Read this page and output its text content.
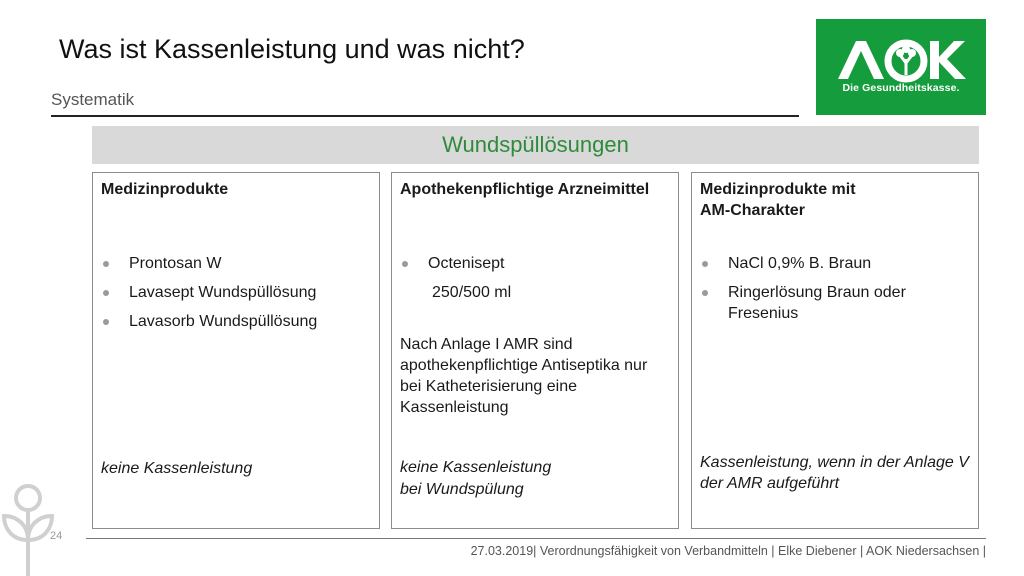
Was ist Kassenleistung und was nicht?
Systematik
Die Gesundheitskasse.
Wundspüllösungen
Medizinprodukte
Prontosan W
Lavasept Wundspüllösung
Lavasorb Wundspüllösung
keine Kassenleistung
Apothekenpflichtige Arzneimittel
Octenisept
250/500 ml
Nach Anlage I AMR sind apothekenpflichtige Antiseptika nur bei Katheterisierung eine Kassenleistung
keine Kassenleistung
bei Wundspülung
Medizinprodukte mit
AM-Charakter
NaCl 0,9% B. Braun
Ringerlösung Braun oder Fresenius
Kassenleistung, wenn in der Anlage V der AMR aufgeführt
24
27.03.2019| Verordnungsfähigkeit von Verbandmitteln | Elke Diebener | AOK Niedersachsen |
